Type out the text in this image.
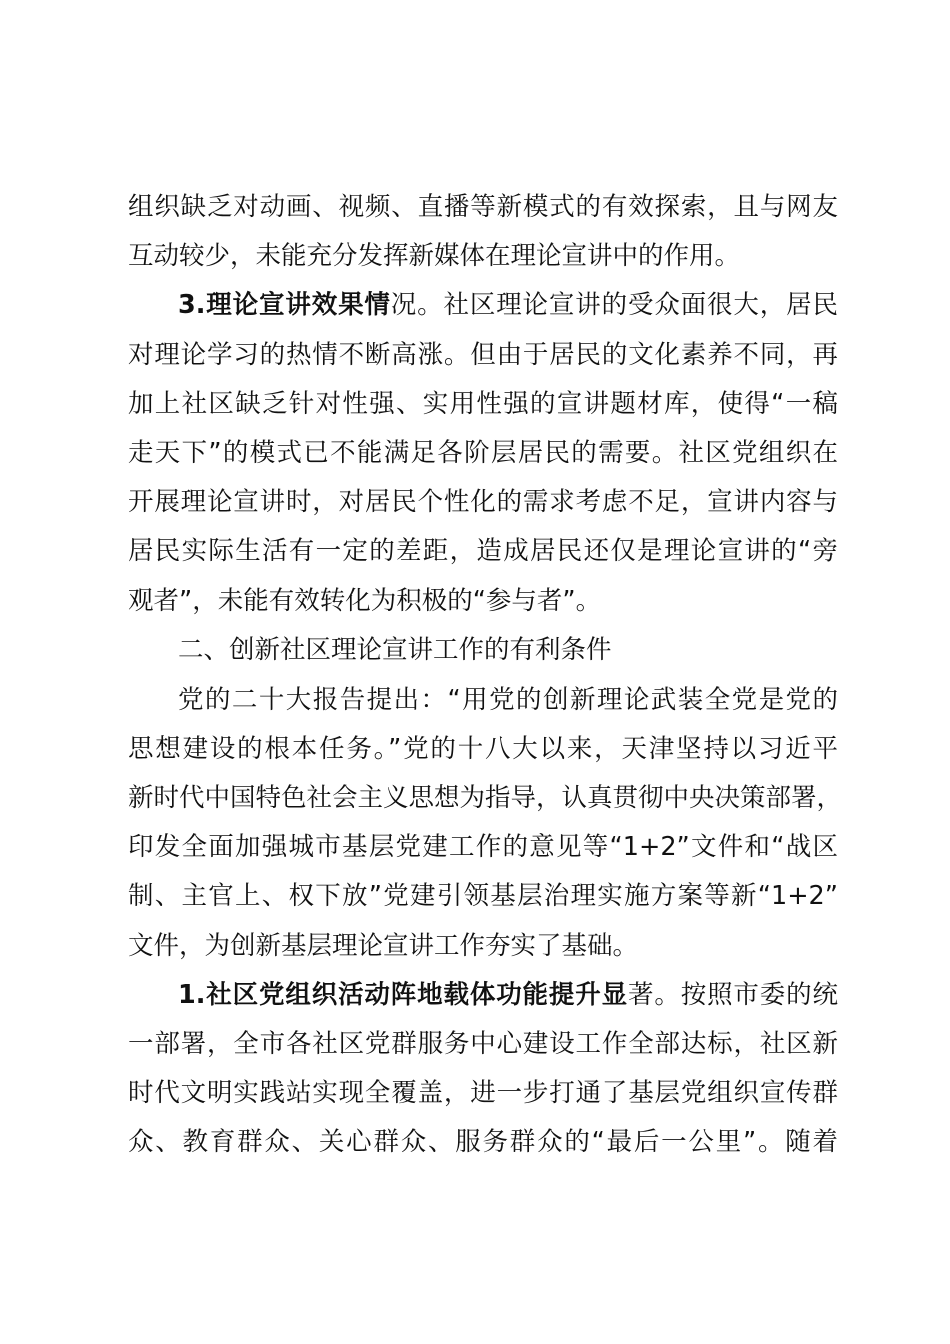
组织缺乏对动画、视频、直播等新模式的有效探索，且与网友
互动较少，未能充分发挥新媒体在理论宣讲中的作用。
3.理论宣讲效果情况。社区理论宣讲的受众面很大，居民
对理论学习的热情不断高涨。但由于居民的文化素养不同，再
加上社区缺乏针对性强、实用性强的宣讲题材库，使得“一稿
走天下”的模式已不能满足各阶层居民的需要。社区党组织在
开展理论宣讲时，对居民个性化的需求考虑不足，宣讲内容与
居民实际生活有一定的差距，造成居民还仅是理论宣讲的“旁
观者”，未能有效转化为积极的“参与者”。
二、创新社区理论宣讲工作的有利条件
党的二十大报告提出：“用党的创新理论武装全党是党的
思想建设的根本任务。”党的十八大以来，天津坚持以习近平
新时代中国特色社会主义思想为指导，认真贯彻中央决策部署，
印发全面加强城市基层党建工作的意见等“1+2”文件和“战区
制、主官上、权下放”党建引领基层治理实施方案等新“1+2”
文件，为创新基层理论宣讲工作夯实了基础。
1.社区党组织活动阵地载体功能提升显著。按照市委的统
一部署，全市各社区党群服务中心建设工作全部达标，社区新
时代文明实践站实现全覆盖，进一步打通了基层党组织宣传群
众、教育群众、关心群众、服务群众的“最后一公里”。随着
